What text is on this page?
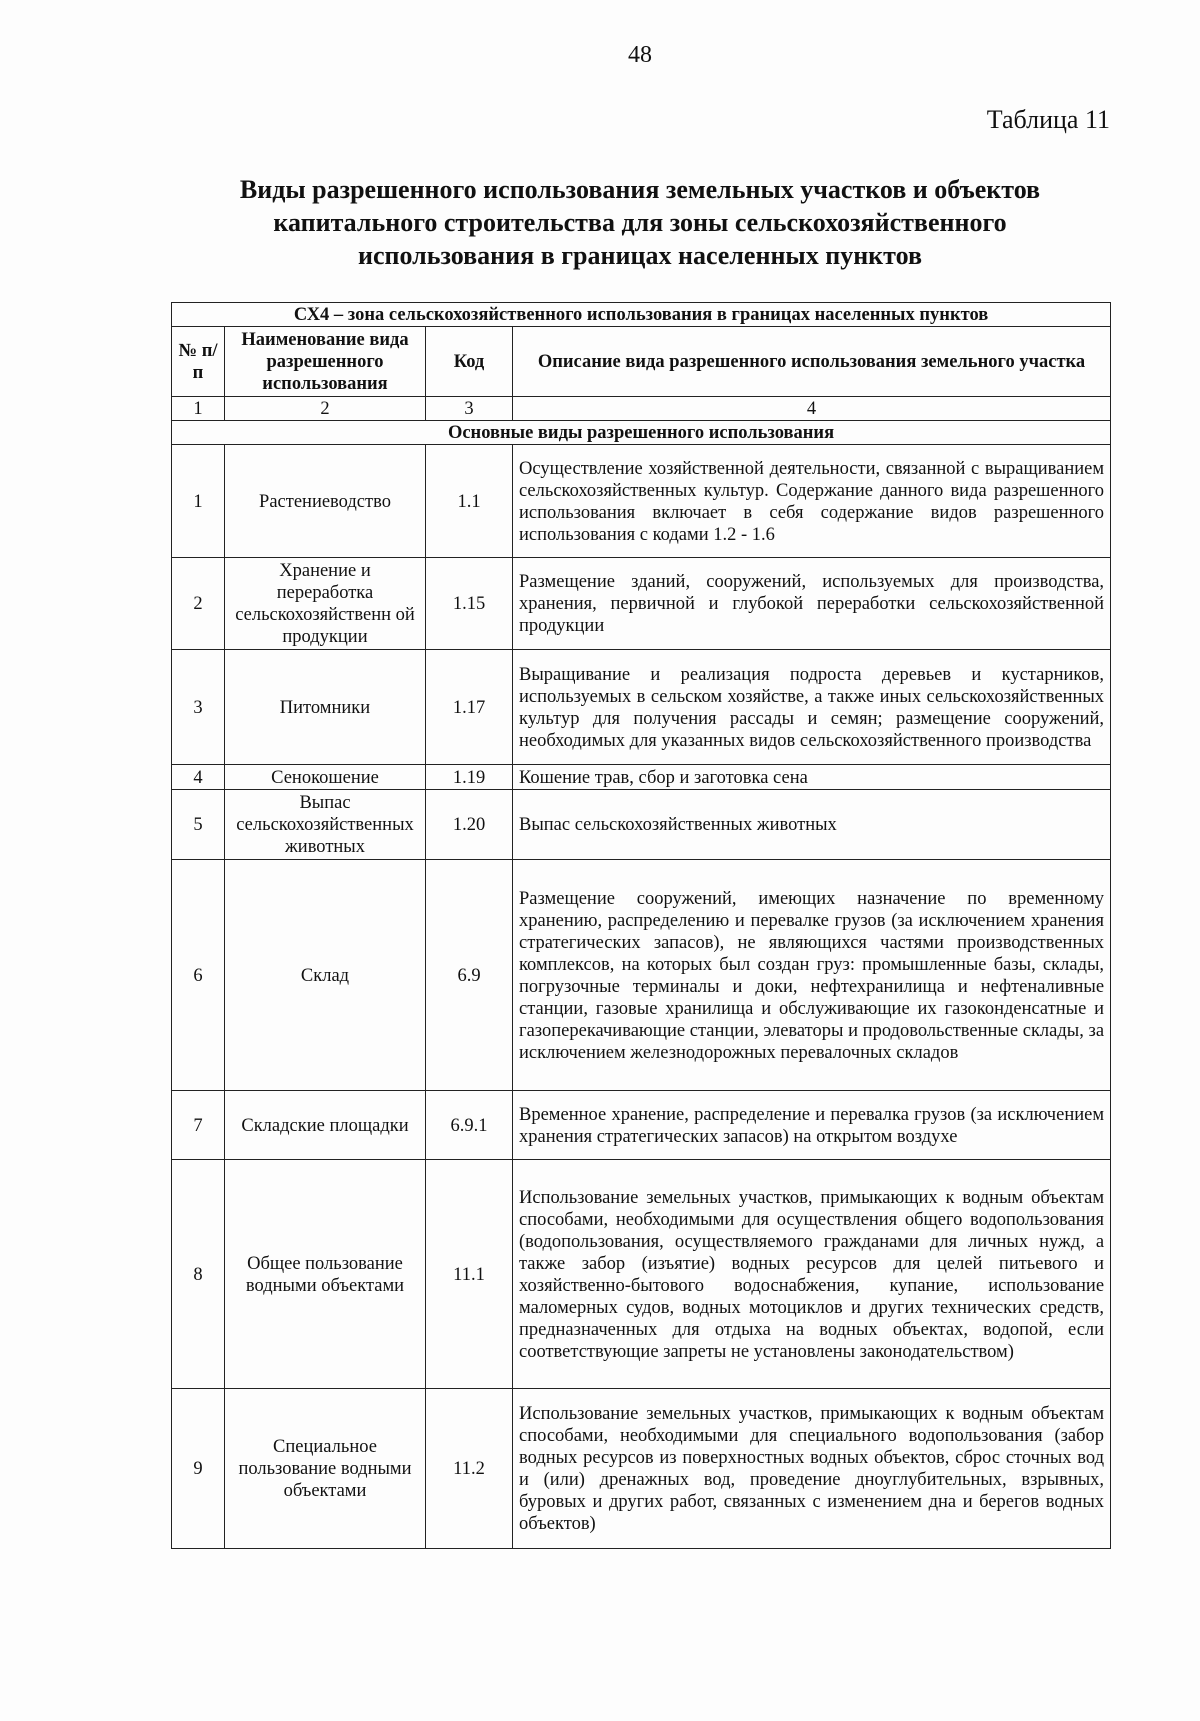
48
Таблица 11
Виды разрешенного использования земельных участков и объектов
капитального строительства для зоны сельскохозяйственного
использования в границах населенных пунктов
СХ4 – зона сельскохозяйственного использования в границах населенных пунктов			
№ п/п	Наименование вида разрешенного использования	Код	Описание вида разрешенного использования земельного участка
1	2	3	4
Основные виды разрешенного использования			
1	Растениеводство	1.1	Осуществление хозяйственной деятельности, связанной с выращиванием сельскохозяйственных культур. Содержание данного вида разрешенного использования включает в себя содержание видов разрешенного использования с кодами 1.2 - 1.6
2	Хранение и переработка сельскохозяйственн ой продукции	1.15	Размещение зданий, сооружений, используемых для производства, хранения, первичной и глубокой переработки сельскохозяйственной продукции
3	Питомники	1.17	Выращивание и реализация подроста деревьев и кустарников, используемых в сельском хозяйстве, а также иных сельскохозяйственных культур для получения рассады и семян; размещение сооружений, необходимых для указанных видов сельскохозяйственного производства
4	Сенокошение	1.19	Кошение трав, сбор и заготовка сена
5	Выпас сельскохозяйственных животных	1.20	Выпас сельскохозяйственных животных
6	Склад	6.9	Размещение сооружений, имеющих назначение по временному хранению, распределению и перевалке грузов (за исключением хранения стратегических запасов), не являющихся частями производственных комплексов, на которых был создан груз: промышленные базы, склады, погрузочные терминалы и доки, нефтехранилища и нефтеналивные станции, газовые хранилища и обслуживающие их газоконденсатные и газоперекачивающие станции, элеваторы и продовольственные склады, за исключением железнодорожных перевалочных складов
7	Складские площадки	6.9.1	Временное хранение, распределение и перевалка грузов (за исключением хранения стратегических запасов) на открытом воздухе
8	Общее пользование водными объектами	11.1	Использование земельных участков, примыкающих к водным объектам способами, необходимыми для осуществления общего водопользования (водопользования, осуществляемого гражданами для личных нужд, а также забор (изъятие) водных ресурсов для целей питьевого и хозяйственно-бытового водоснабжения, купание, использование маломерных судов, водных мотоциклов и других технических средств, предназначенных для отдыха на водных объектах, водопой, если соответствующие запреты не установлены законодательством)
9	Специальное пользование водными объектами	11.2	Использование земельных участков, примыкающих к водным объектам способами, необходимыми для специального водопользования (забор водных ресурсов из поверхностных водных объектов, сброс сточных вод и (или) дренажных вод, проведение дноуглубительных, взрывных, буровых и других работ, связанных с изменением дна и берегов водных объектов)
